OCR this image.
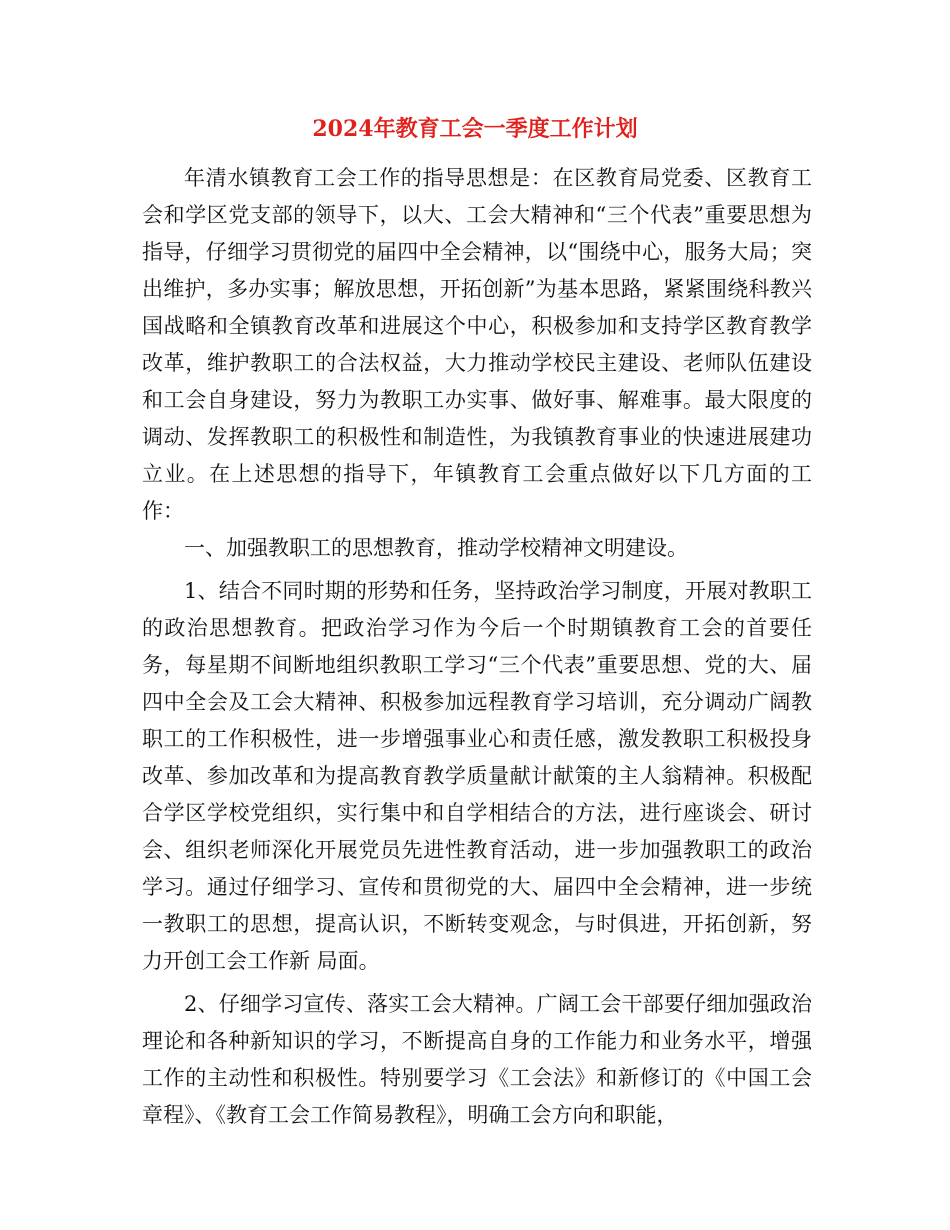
2024年教育工会一季度工作计划

年清水镇教育工会工作的指导思想是：在区教育局党委、区教育工会和学区党支部的领导下，以大、工会大精神和“三个代表”重要思想为指导，仔细学习贯彻党的届四中全会精神，以“围绕中心，服务大局；突出维护，多办实事；解放思想，开拓创新”为基本思路，紧紧围绕科教兴国战略和全镇教育改革和进展这个中心，积极参加和支持学区教育教学改革，维护教职工的合法权益，大力推动学校民主建设、老师队伍建设和工会自身建设，努力为教职工办实事、做好事、解难事。最大限度的调动、发挥教职工的积极性和制造性，为我镇教育事业的快速进展建功立业。在上述思想的指导下，年镇教育工会重点做好以下几方面的工作：

一、加强教职工的思想教育，推动学校精神文明建设。

1、结合不同时期的形势和任务，坚持政治学习制度，开展对教职工的政治思想教育。把政治学习作为今后一个时期镇教育工会的首要任务，每星期不间断地组织教职工学习“三个代表”重要思想、党的大、届四中全会及工会大精神、积极参加远程教育学习培训，充分调动广阔教职工的工作积极性，进一步增强事业心和责任感，激发教职工积极投身改革、参加改革和为提高教育教学质量献计献策的主人翁精神。积极配合学区学校党组织，实行集中和自学相结合的方法，进行座谈会、研讨会、组织老师深化开展党员先进性教育活动，进一步加强教职工的政治学习。通过仔细学习、宣传和贯彻党的大、届四中全会精神，进一步统一教职工的思想，提高认识，不断转变观念，与时俱进，开拓创新，努力开创工会工作新 局面。

2、仔细学习宣传、落实工会大精神。广阔工会干部要仔细加强政治理论和各种新知识的学习，不断提高自身的工作能力和业务水平，增强工作的主动性和积极性。特别要学习《工会法》和新修订的《中国工会章程》、《教育工会工作简易教程》，明确工会方向和职能，
